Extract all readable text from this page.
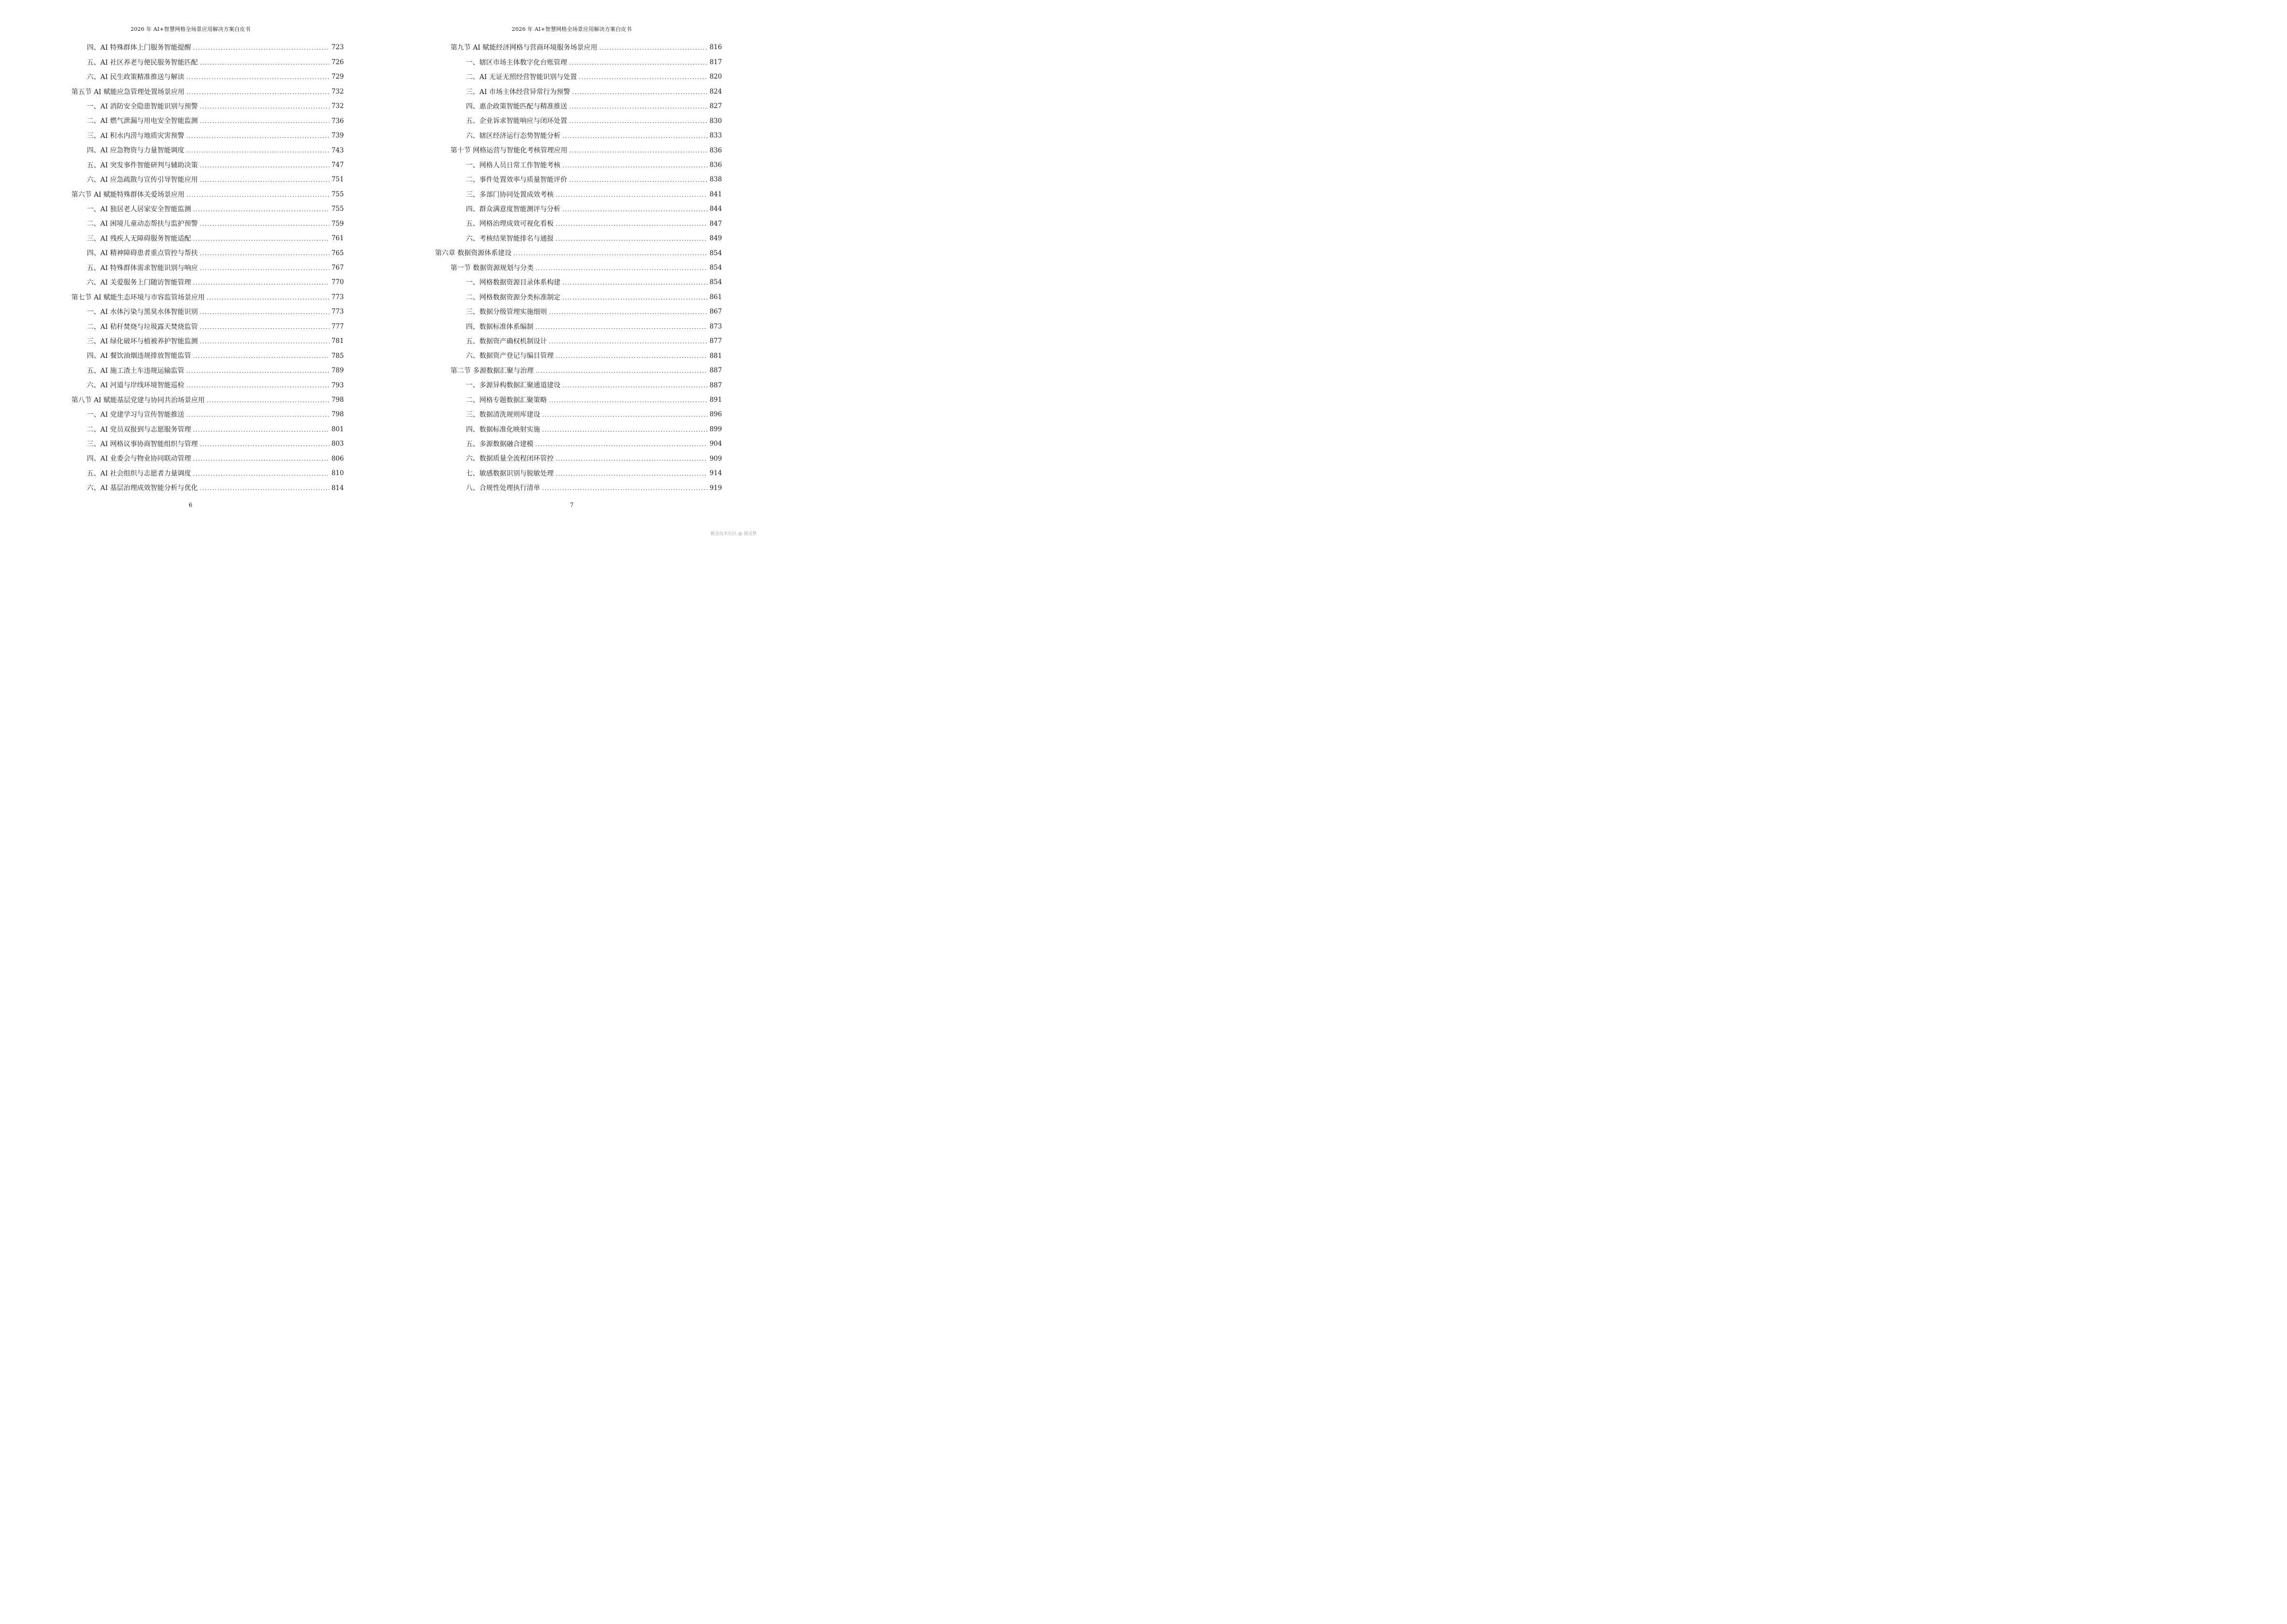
2026 年 AI+智慧网格全场景应用解决方案白皮书
四、AI 特殊群体上门服务智能提醒 . . .	723
五、AI 社区养老与便民服务智能匹配 . . .	726
六、AI 民生政策精准推送与解读 . . .	729
第五节 AI 赋能应急管理处置场景应用 . . .	732
一、AI 消防安全隐患智能识别与预警 . . .	732
二、AI 燃气泄漏与用电安全智能监测 . . .	736
三、AI 积水内涝与地质灾害预警 . . .	739
四、AI 应急物资与力量智能调度 . . .	743
五、AI 突发事件智能研判与辅助决策 . . .	747
六、AI 应急疏散与宣传引导智能应用 . . .	751
第六节 AI 赋能特殊群体关爱场景应用 . . .	755
一、AI 独居老人居家安全智能监测 . . .	755
二、AI 困境儿童动态帮扶与监护预警 . . .	759
三、AI 残疾人无障碍服务智能适配 . . .	761
四、AI 精神障碍患者重点管控与帮扶 . . .	765
五、AI 特殊群体需求智能识别与响应 . . .	767
六、AI 关爱服务上门随访智能管理 . . .	770
第七节 AI 赋能生态环境与市容监管场景应用 . . .	773
一、AI 水体污染与黑臭水体智能识别 . . .	773
二、AI 秸秆焚烧与垃圾露天焚烧监管 . . .	777
三、AI 绿化破坏与植被养护智能监测 . . .	781
四、AI 餐饮油烟违规排放智能监管 . . .	785
五、AI 施工渣土车违规运输监管 . . .	789
六、AI 河道与岸线环境智能巡检 . . .	793
第八节 AI 赋能基层党建与协同共治场景应用 . . .	798
一、AI 党建学习与宣传智能推送 . . .	798
二、AI 党员双报到与志愿服务管理 . . .	801
三、AI 网格议事协商智能组织与管理 . . .	803
四、AI 业委会与物业协同联动管理 . . .	806
五、AI 社会组织与志愿者力量调度 . . .	810
六、AI 基层治理成效智能分析与优化 . . .	814
6
2026 年 AI+智慧网格全场景应用解决方案白皮书
第九节 AI 赋能经济网格与营商环境服务场景应用 . . .	816
一、辖区市场主体数字化台账管理 . . .	817
二、AI 无证无照经营智能识别与处置 . . .	820
三、AI 市场主体经营异常行为预警 . . .	824
四、惠企政策智能匹配与精准推送 . . .	827
五、企业诉求智能响应与闭环处置 . . .	830
六、辖区经济运行态势智能分析 . . .	833
第十节 网格运营与智能化考核管理应用 . . .	836
一、网格人员日常工作智能考核 . . .	836
二、事件处置效率与质量智能评价 . . .	838
三、多部门协同处置成效考核 . . .	841
四、群众满意度智能测评与分析 . . .	844
五、网格治理成效可视化看板 . . .	847
六、考核结果智能排名与通报 . . .	849
第六章 数据资源体系建设 . . .	854
第一节 数据资源规划与分类 . . .	854
一、网格数据资源目录体系构建 . . .	854
二、网格数据资源分类标准制定 . . .	861
三、数据分级管理实施细则 . . .	867
四、数据标准体系编制 . . .	873
五、数据资产确权机制设计 . . .	877
六、数据资产登记与编目管理 . . .	881
第二节 多源数据汇聚与治理 . . .	887
一、多源异构数据汇聚通道建设 . . .	887
二、网格专题数据汇聚策略 . . .	891
三、数据清洗规则库建设 . . .	896
四、数据标准化映射实施 . . .	899
五、多源数据融合建模 . . .	904
六、数据质量全流程闭环管控 . . .	909
七、敏感数据识别与脱敏处理 . . .	914
八、合规性处理执行清单 . . .	919
7
掘金技术社区 @ 图灵梦
